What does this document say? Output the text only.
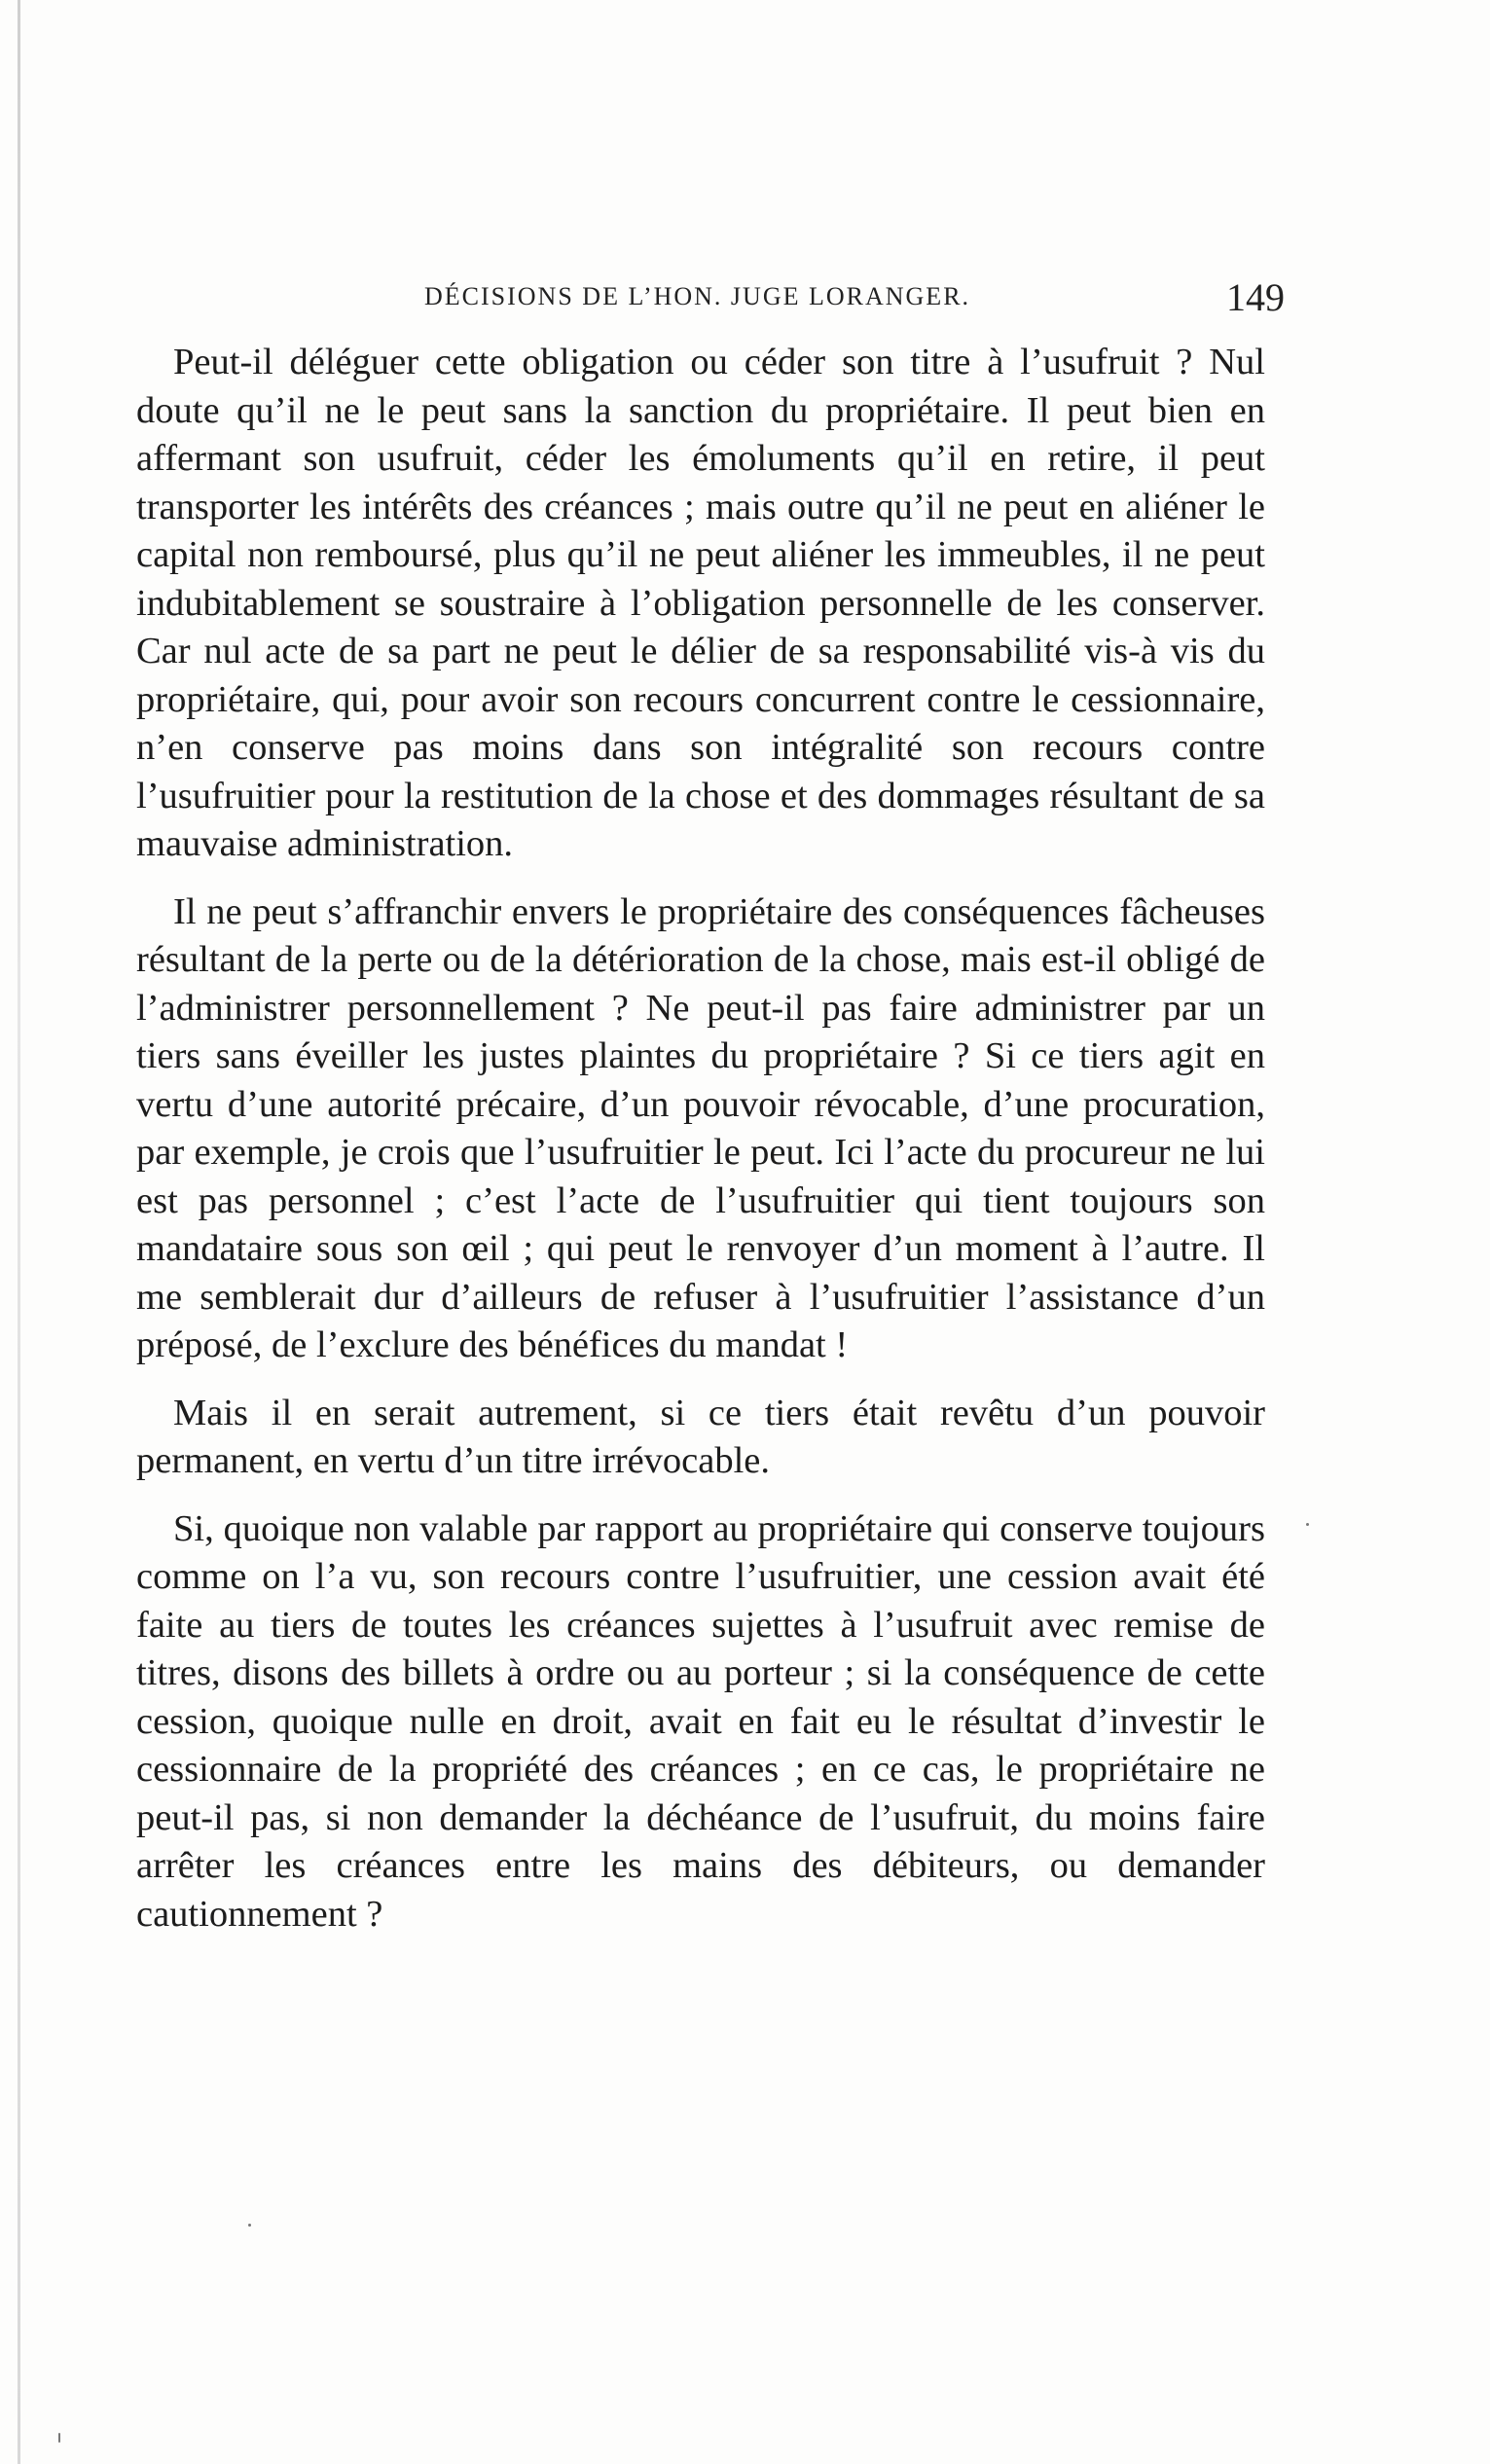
DÉCISIONS DE L’HON. JUGE LORANGER.	149

Peut-il déléguer cette obligation ou céder son titre à l’usufruit ? Nul doute qu’il ne le peut sans la sanction du propriétaire. Il peut bien en affermant son usufruit, céder les émoluments qu’il en retire, il peut transporter les intérêts des créances ; mais outre qu’il ne peut en aliéner le capital non remboursé, plus qu’il ne peut aliéner les immeubles, il ne peut indubitablement se soustraire à l’obligation personnelle de les conserver. Car nul acte de sa part ne peut le délier de sa responsabilité vis-à vis du propriétaire, qui, pour avoir son recours concurrent contre le cessionnaire, n’en conserve pas moins dans son intégralité son recours contre l’usufruitier pour la restitution de la chose et des dommages résultant de sa mauvaise administration.

Il ne peut s’affranchir envers le propriétaire des conséquences fâcheuses résultant de la perte ou de la détérioration de la chose, mais est-il obligé de l’administrer personnellement ? Ne peut-il pas faire administrer par un tiers sans éveiller les justes plaintes du propriétaire ? Si ce tiers agit en vertu d’une autorité précaire, d’un pouvoir révocable, d’une procuration, par exemple, je crois que l’usufruitier le peut. Ici l’acte du procureur ne lui est pas personnel ; c’est l’acte de l’usufruitier qui tient toujours son mandataire sous son œil ; qui peut le renvoyer d’un moment à l’autre. Il me semblerait dur d’ailleurs de refuser à l’usufruitier l’assistance d’un préposé, de l’exclure des bénéfices du mandat !

Mais il en serait autrement, si ce tiers était revêtu d’un pouvoir permanent, en vertu d’un titre irrévocable.

Si, quoique non valable par rapport au propriétaire qui conserve toujours comme on l’a vu, son recours contre l’usufruitier, une cession avait été faite au tiers de toutes les créances sujettes à l’usufruit avec remise de titres, disons des billets à ordre ou au porteur ; si la conséquence de cette cession, quoique nulle en droit, avait en fait eu le résultat d’investir le cessionnaire de la propriété des créances ; en ce cas, le propriétaire ne peut-il pas, si non demander la déchéance de l’usufruit, du moins faire arrêter les créances entre les mains des débiteurs, ou demander cautionnement ?
